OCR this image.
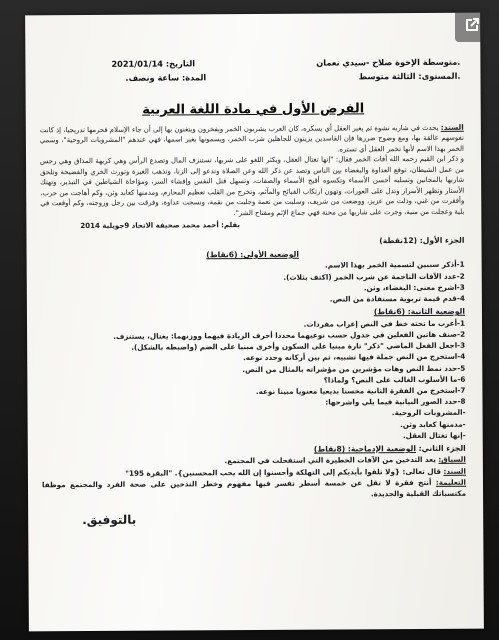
متوسطة الإخوة صلاح -سيدي نعمان.
التاريخ: 2021/01/14
المستوى: الثالثة متوسط.
المدة: ساعة ونصف.
الفرض الأول في مادة اللغة العربية

السند: يحدث في شاربه نشوة ثم يغير العقل أي يسكره، كان العرب يشربون الخمر ويفخرون ويتغنون بها إلى أن جاء الإسلام فحرمها تدريجيا، إذ كانت نفوسهم عالقة بها، ومع وضوح ضررها فإن القاسدين يزينون للجاهلين شرب الخمر، ويسمونها بغير اسمها، فهي عندهم "المشروبات الروحية"، وسمي الخمر بهذا الاسم لأنها تخمر العقل أي تستره.

و ذكر ابن القيم رحمه الله أفات الخمر فقال: "إنها تغتال العقل، ويكثر اللغو على شربها، تستنزف المال وتصدع الرأس وهي كريهة المذاق وهي رجس من عمل الشيطان، توقع العداوة والبغضاء بين الناس وتصد عن ذكر الله وعن الصلاة وتدعو إلى الزنا، وتذهب الغيرة وتورث الخزي والفضيحة وتلحق شاربها بالمجانين وتسلبه أحسن الأسماء وتكسوه أقبح الأسماء والصفات، وتسهل قتل النفس وإفشاء السر، ومؤاخاة الشياطين في التبذير، وتهتك الأستار وتظهر الأسرار وتدل على العورات، وتهون ارتكاب القبائح والمآثم، وتخرج من القلب تعظيم المحارم، ومدمنها كعابد وثن، وكم أهاجت من حرب، وأفقرت من غني، وذلت من عزيز، ووضعت من شريف، وسلبت من نعمة وجلبت من نقمة، ونسجت عداوة، وفرقت بين رجل وزوجته، وكم أوقعت في بلية وعجلت من منية، وجرت على شاربها من محنة فهي جماع الإثم ومفتاح الشر".

بقلم: أحمد محمد صحيفة الاتحاد 9جويلية 2014
الجزء الأول: (12نقطة)
الوضعية الأولى: (6نقاط)
1-أذكر سببين لتسمية الخمر بهذا الاسم.
2-عدد الآفات الناجمة عن شرب الخمر (اكتف بثلاث).
3-اشرح معنى: البغضاء، وثن.
4-قدم قيمة تربوية مستفادة من النص.
الوضعية الثانية: (6نقاط)
1-أعرب ما تحته خط في النص إعراب مفردات.
2-صنف هاتين الفعلين في جدول حسب نوعيهما محددا أحرف الزيادة فيهما ووزنهما: يغتال، يستنزف.
3-اجعل الفعل الماضي "ذكر" تارة مبنيا على السكون وأخرى مبنيا على الضم (واضبطه بالشكل).
4-استخرج من النص جملة فيها تشبيه، ثم بين أركانه وحدد نوعه.
5-حدد نمط النص وهات مؤشرين من مؤشراته بالمثال من النص.
6-ما الأسلوب الغالب على النص؟ ولماذا؟
7-استخرج من الفقرة الثانية محسنا بديعيا معنويا مبينا نوعه.
8-حدد الصور البيانية فيما يلي واشرحها:
-المشروبات الروحية.
-مدمنها كعابد وثن.
-إنها تغتال العقل.
الجزء الثاني: الوضعية الإدماجية: (8نقاط)
السياق: يعد التدخين من الآفات الخطيرة التي استفحلت في المجتمع.
السند: قال تعالى: {ولا تلقوا بأيديكم إلى التهلكة وأحسنوا إن الله يحب المحسنين}. "البقرة 195"
التعليمة: أنتج فقرة لا تقل عن خمسة أسطر تفسر فيها مفهوم وخطر التدخين على صحة الفرد والمجتمع موظفا مكتسباتك القبلية والجديدة.
بالتوفيق.
